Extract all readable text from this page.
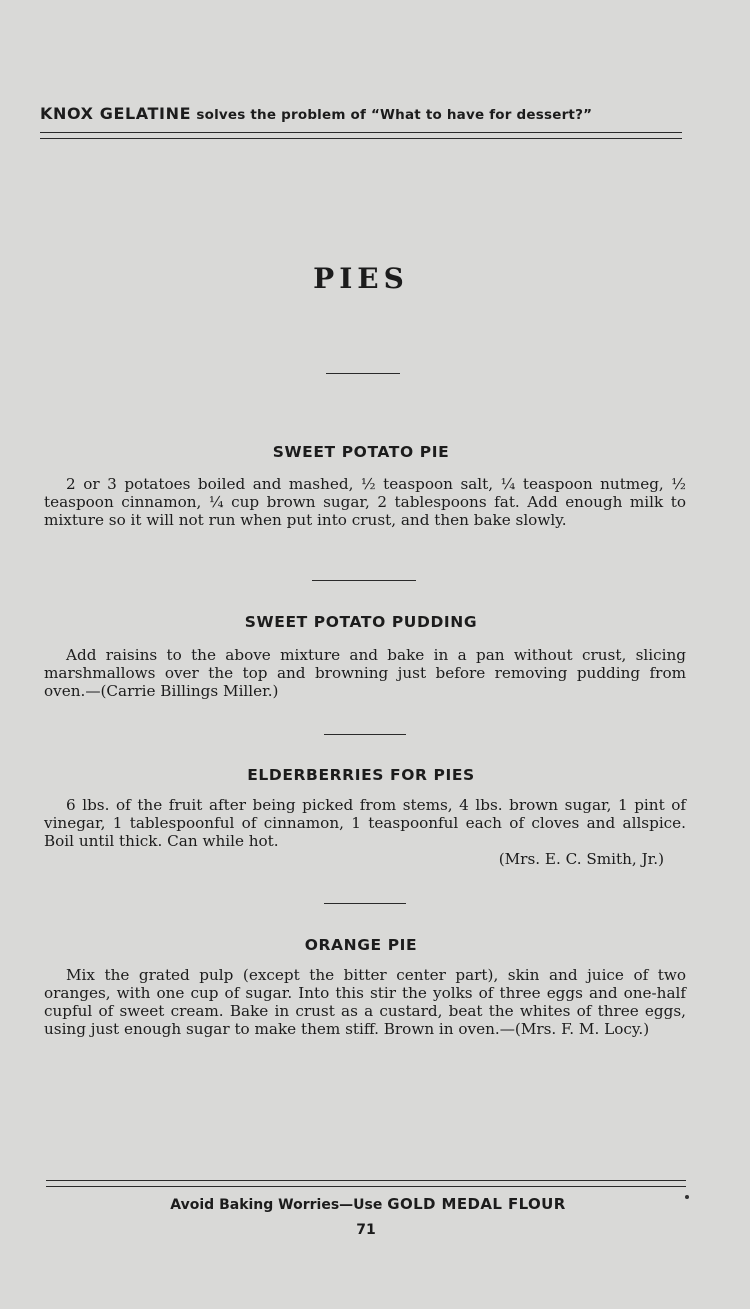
KNOX GELATINE solves the problem of “What to have for dessert?”
PIES
SWEET POTATO PIE
2 or 3 potatoes boiled and mashed, ½ teaspoon salt, ¼ teaspoon nutmeg, ½ teaspoon cinnamon, ¼ cup brown sugar, 2 tablespoons fat. Add enough milk to mixture so it will not run when put into crust, and then bake slowly.
SWEET POTATO PUDDING
Add raisins to the above mixture and bake in a pan without crust, slicing marshmallows over the top and browning just before removing pudding from oven.—(Carrie Billings Miller.)
ELDERBERRIES FOR PIES
6 lbs. of the fruit after being picked from stems, 4 lbs. brown sugar, 1 pint of vinegar, 1 tablespoonful of cinnamon, 1 teaspoonful each of cloves and allspice. Boil until thick. Can while hot.
(Mrs. E. C. Smith, Jr.)
ORANGE PIE
Mix the grated pulp (except the bitter center part), skin and juice of two oranges, with one cup of sugar. Into this stir the yolks of three eggs and one-half cupful of sweet cream. Bake in crust as a custard, beat the whites of three eggs, using just enough sugar to make them stiff. Brown in oven.—(Mrs. F. M. Locy.)
Avoid Baking Worries—Use GOLD MEDAL FLOUR
71
